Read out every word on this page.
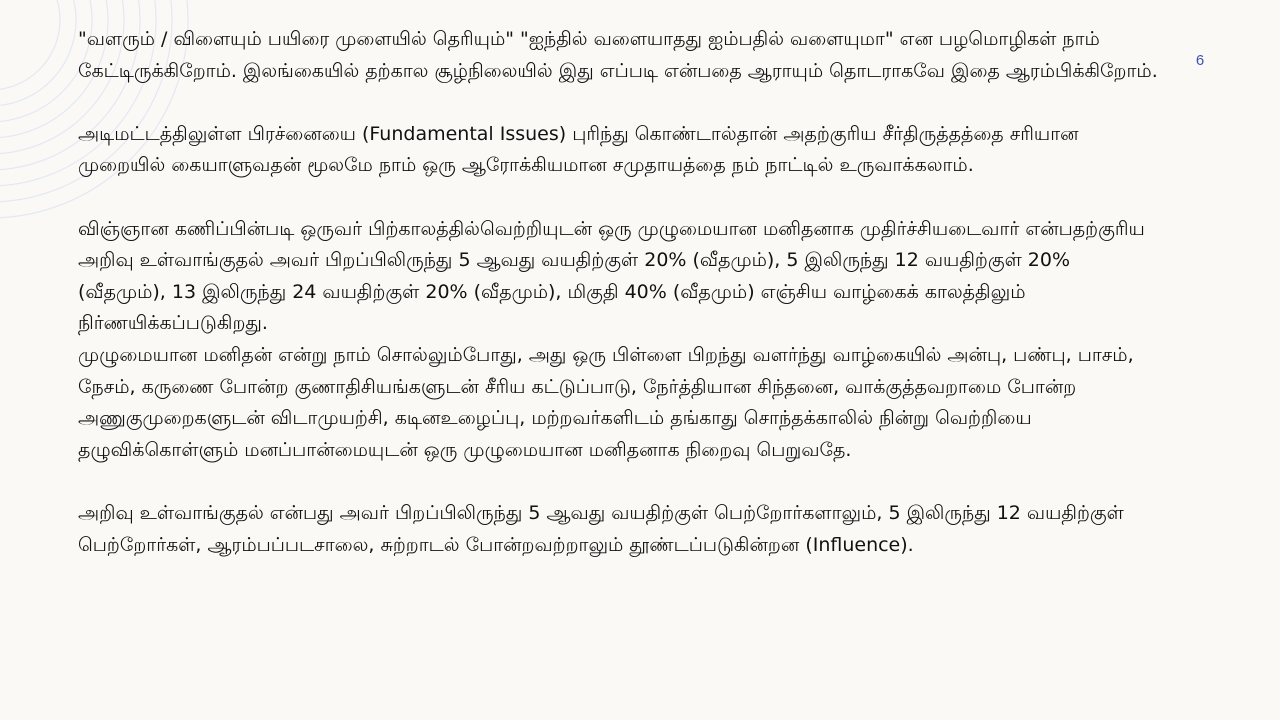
6

"வளரும் / விளையும் பயிரை முளையில் தெரியும்" "ஐந்தில் வளையாதது ஐம்பதில் வளையுமா" என பழமொழிகள் நாம் கேட்டிருக்கிறோம். இலங்கையில் தற்கால சூழ்நிலையில் இது எப்படி என்பதை ஆராயும் தொடராகவே இதை ஆரம்பிக்கிறோம்.

அடிமட்டத்திலுள்ள பிரச்னையை (Fundamental Issues) புரிந்து கொண்டால்தான் அதற்குரிய சீர்திருத்தத்தை சரியான முறையில் கையாளுவதன் மூலமே நாம் ஒரு ஆரோக்கியமான சமுதாயத்தை நம் நாட்டில் உருவாக்கலாம்.

விஞ்ஞான கணிப்பின்படி ஒருவர் பிற்காலத்தில்வெற்றியுடன் ஒரு முழுமையான மனிதனாக முதிர்ச்சியடைவார் என்பதற்குரிய அறிவு உள்வாங்குதல் அவர் பிறப்பிலிருந்து 5 ஆவது வயதிற்குள் 20% (வீதமும்), 5 இலிருந்து 12 வயதிற்குள் 20% (வீதமும்), 13 இலிருந்து 24 வயதிற்குள் 20% (வீதமும்), மிகுதி 40% (வீதமும்) எஞ்சிய வாழ்கைக் காலத்திலும் நிர்ணயிக்கப்படுகிறது.

முழுமையான மனிதன் என்று நாம் சொல்லும்போது, அது ஒரு பிள்ளை பிறந்து வளர்ந்து வாழ்கையில் அன்பு, பண்பு, பாசம், நேசம், கருணை போன்ற குணாதிசியங்களுடன் சீரிய கட்டுப்பாடு, நேர்த்தியான சிந்தனை, வாக்குத்தவறாமை போன்ற அணுகுமுறைகளுடன் விடாமுயற்சி, கடினஉழைப்பு, மற்றவர்களிடம் தங்காது சொந்தக்காலில் நின்று வெற்றியை தழுவிக்கொள்ளும் மனப்பான்மையுடன் ஒரு முழுமையான மனிதனாக நிறைவு பெறுவதே.

அறிவு உள்வாங்குதல் என்பது அவர் பிறப்பிலிருந்து 5 ஆவது வயதிற்குள் பெற்றோர்களாலும், 5 இலிருந்து 12 வயதிற்குள் பெற்றோர்கள், ஆரம்பப்படசாலை, சுற்றாடல் போன்றவற்றாலும் தூண்டப்படுகின்றன (Influence).
